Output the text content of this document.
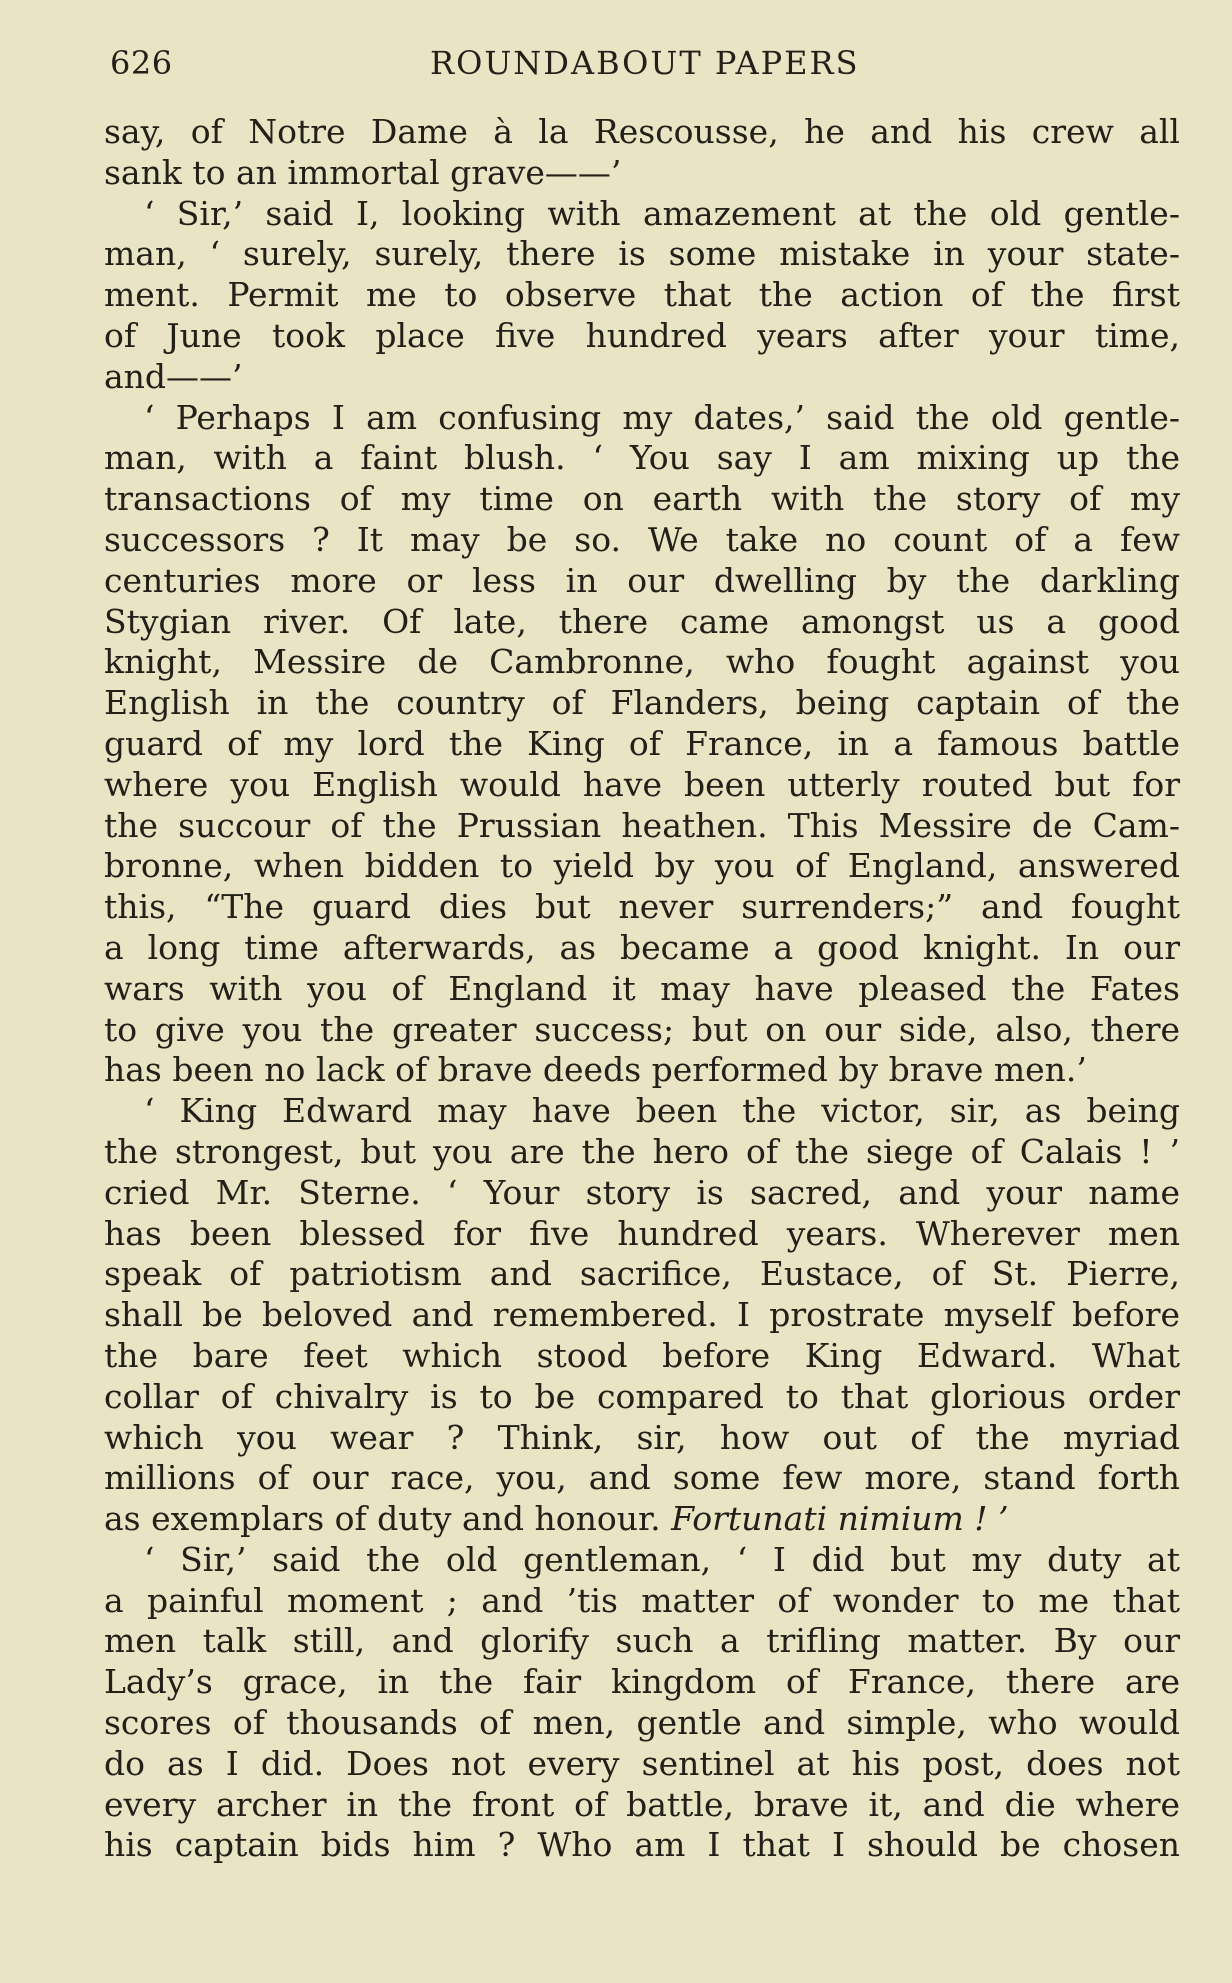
626	ROUNDABOUT PAPERS
say, of Notre Dame à la Rescousse, he and his crew all
sank to an immortal grave——’
‘ Sir,’ said I, looking with amazement at the old gentle-
man, ‘ surely, surely, there is some mistake in your state-
ment. Permit me to observe that the action of the first
of June took place five hundred years after your time,
and——’
‘ Perhaps I am confusing my dates,’ said the old gentle-
man, with a faint blush. ‘ You say I am mixing up the
transactions of my time on earth with the story of my
successors ? It may be so. We take no count of a few
centuries more or less in our dwelling by the darkling
Stygian river. Of late, there came amongst us a good
knight, Messire de Cambronne, who fought against you
English in the country of Flanders, being captain of the
guard of my lord the King of France, in a famous battle
where you English would have been utterly routed but for
the succour of the Prussian heathen. This Messire de Cam-
bronne, when bidden to yield by you of England, answered
this, “The guard dies but never surrenders;” and fought
a long time afterwards, as became a good knight. In our
wars with you of England it may have pleased the Fates
to give you the greater success; but on our side, also, there
has been no lack of brave deeds performed by brave men.’
‘ King Edward may have been the victor, sir, as being
the strongest, but you are the hero of the siege of Calais ! ’
cried Mr. Sterne. ‘ Your story is sacred, and your name
has been blessed for five hundred years. Wherever men
speak of patriotism and sacrifice, Eustace, of St. Pierre,
shall be beloved and remembered. I prostrate myself before
the bare feet which stood before King Edward. What
collar of chivalry is to be compared to that glorious order
which you wear ? Think, sir, how out of the myriad
millions of our race, you, and some few more, stand forth
as exemplars of duty and honour. Fortunati nimium ! ’
‘ Sir,’ said the old gentleman, ‘ I did but my duty at
a painful moment ; and ’tis matter of wonder to me that
men talk still, and glorify such a trifling matter. By our
Lady’s grace, in the fair kingdom of France, there are
scores of thousands of men, gentle and simple, who would
do as I did. Does not every sentinel at his post, does not
every archer in the front of battle, brave it, and die where
his captain bids him ? Who am I that I should be chosen
